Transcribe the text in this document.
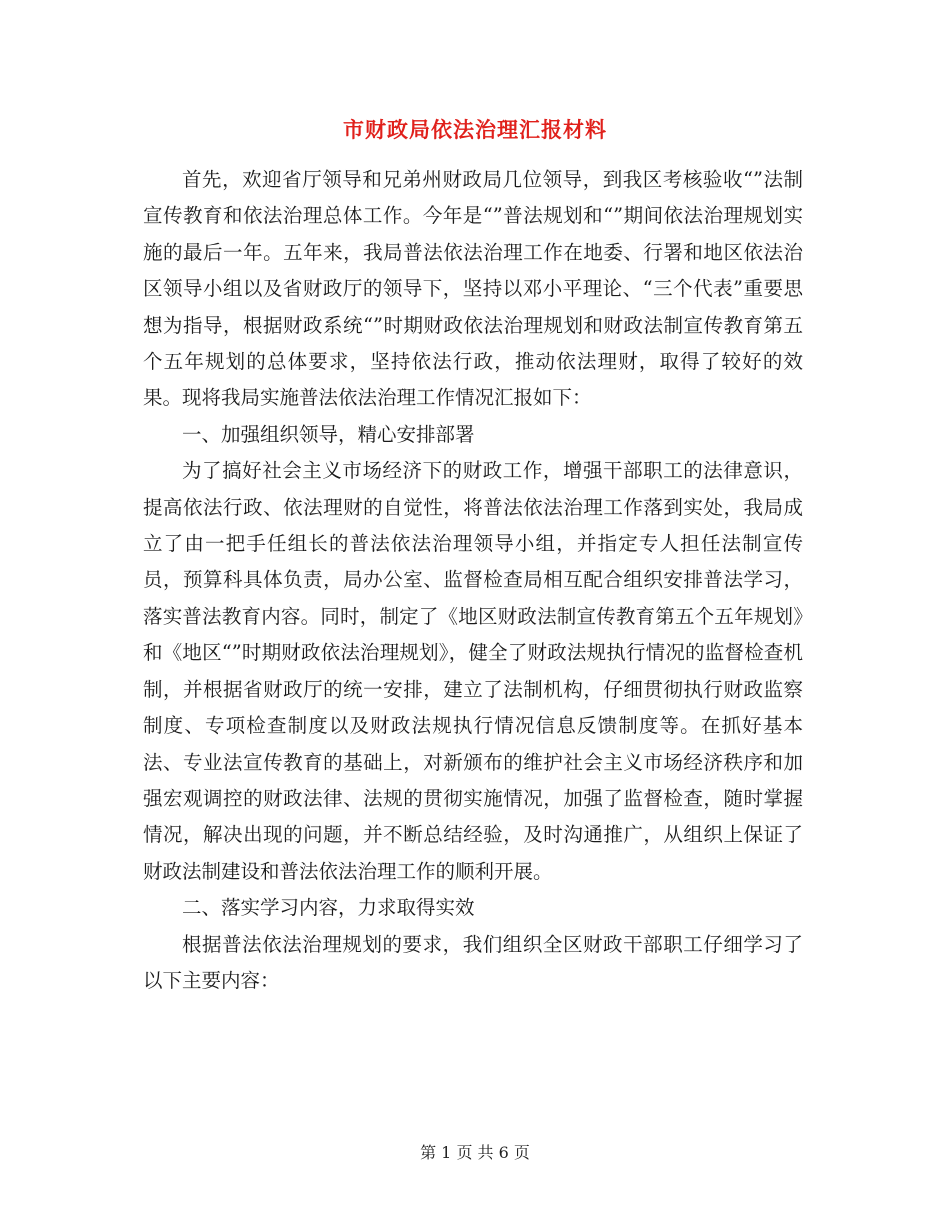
市财政局依法治理汇报材料

首先，欢迎省厅领导和兄弟州财政局几位领导，到我区考核验收“”法制宣传教育和依法治理总体工作。今年是“”普法规划和“”期间依法治理规划实施的最后一年。五年来，我局普法依法治理工作在地委、行署和地区依法治区领导小组以及省财政厅的领导下，坚持以邓小平理论、“三个代表”重要思想为指导，根据财政系统“”时期财政依法治理规划和财政法制宣传教育第五个五年规划的总体要求，坚持依法行政，推动依法理财，取得了较好的效果。现将我局实施普法依法治理工作情况汇报如下：

一、加强组织领导，精心安排部署

为了搞好社会主义市场经济下的财政工作，增强干部职工的法律意识，提高依法行政、依法理财的自觉性，将普法依法治理工作落到实处，我局成立了由一把手任组长的普法依法治理领导小组，并指定专人担任法制宣传员，预算科具体负责，局办公室、监督检查局相互配合组织安排普法学习，落实普法教育内容。同时，制定了《地区财政法制宣传教育第五个五年规划》和《地区“”时期财政依法治理规划》，健全了财政法规执行情况的监督检查机制，并根据省财政厅的统一安排，建立了法制机构，仔细贯彻执行财政监察制度、专项检查制度以及财政法规执行情况信息反馈制度等。在抓好基本法、专业法宣传教育的基础上，对新颁布的维护社会主义市场经济秩序和加强宏观调控的财政法律、法规的贯彻实施情况，加强了监督检查，随时掌握情况，解决出现的问题，并不断总结经验，及时沟通推广，从组织上保证了财政法制建设和普法依法治理工作的顺利开展。

二、落实学习内容，力求取得实效

根据普法依法治理规划的要求，我们组织全区财政干部职工仔细学习了以下主要内容：

第 1 页 共 6 页
